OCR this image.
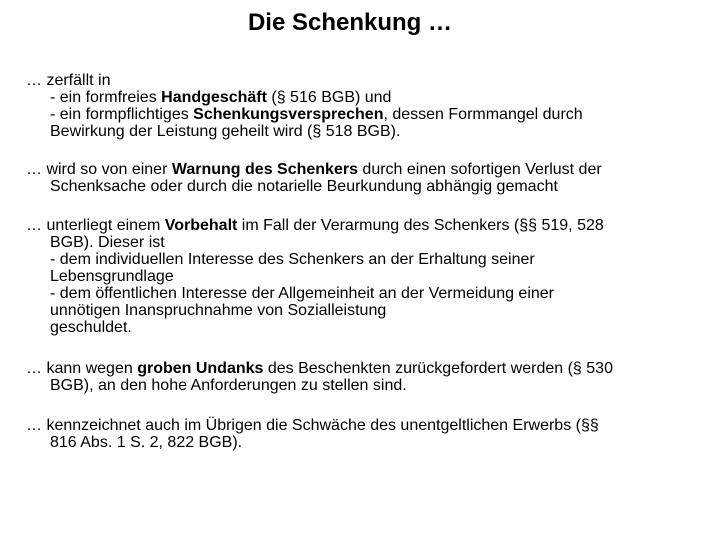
Die Schenkung …

… zerfällt in

- ein formfreies Handgeschäft (§ 516 BGB) und

- ein formpflichtiges Schenkungsversprechen, dessen Formmangel durch

Bewirkung der Leistung geheilt wird (§ 518 BGB).

… wird so von einer Warnung des Schenkers durch einen sofortigen Verlust der

Schenksache oder durch die notarielle Beurkundung abhängig gemacht

… unterliegt einem Vorbehalt im Fall der Verarmung des Schenkers (§§ 519, 528

BGB). Dieser ist

- dem individuellen Interesse des Schenkers an der Erhaltung seiner

Lebensgrundlage

- dem öffentlichen Interesse der Allgemeinheit an der Vermeidung einer

unnötigen Inanspruchnahme von Sozialleistung

geschuldet.

… kann wegen groben Undanks des Beschenkten zurückgefordert werden (§ 530

BGB), an den hohe Anforderungen zu stellen sind.

… kennzeichnet auch im Übrigen die Schwäche des unentgeltlichen Erwerbs (§§

816 Abs. 1 S. 2, 822 BGB).
